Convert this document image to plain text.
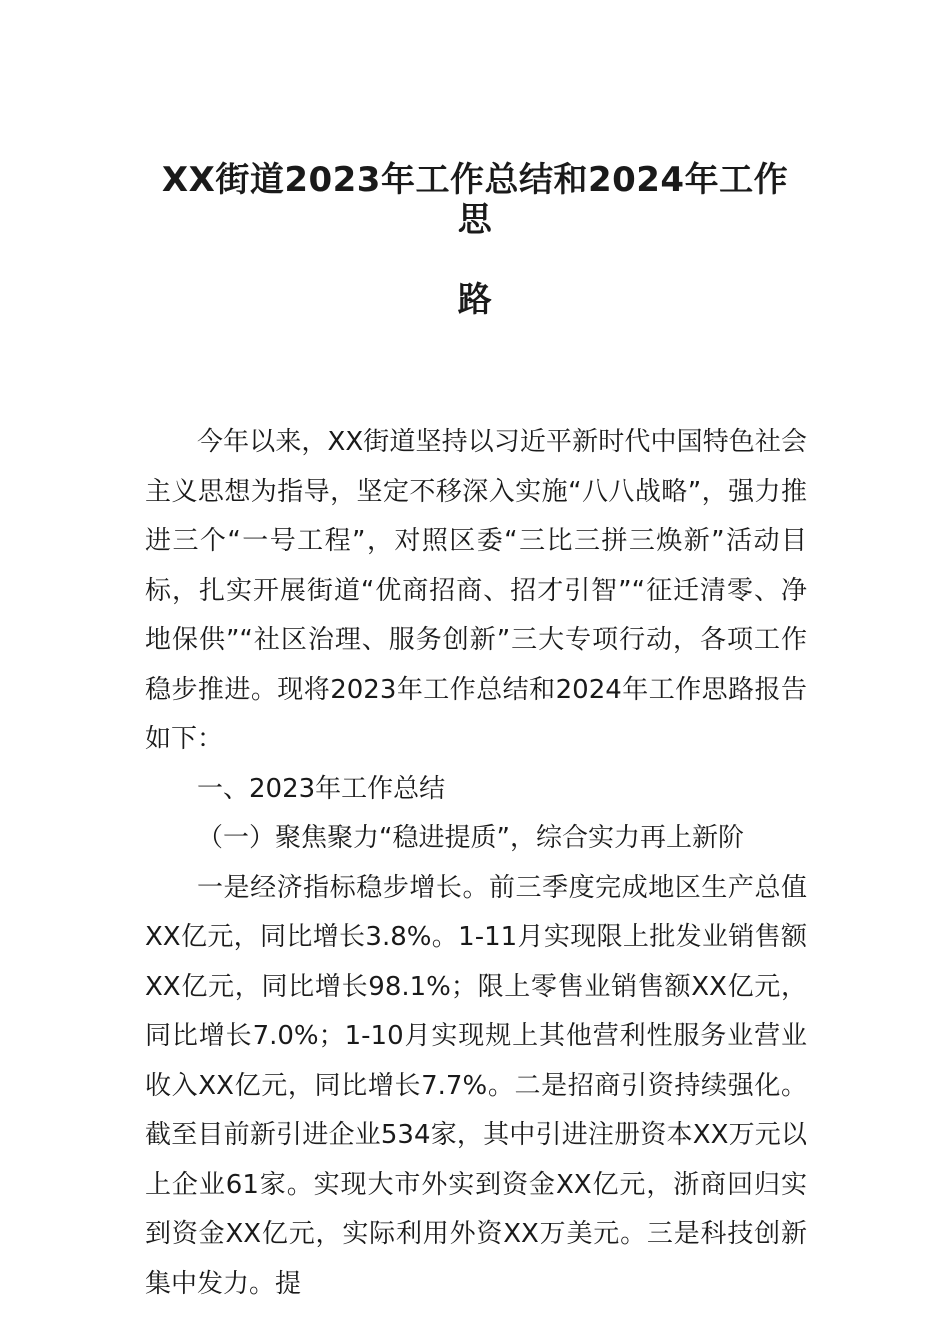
XX街道2023年工作总结和2024年工作思
路

今年以来，XX街道坚持以习近平新时代中国特色社会主义思想为指导，坚定不移深入实施“八八战略”，强力推进三个“一号工程”，对照区委“三比三拼三焕新”活动目标，扎实开展街道“优商招商、招才引智”“征迁清零、净地保供”“社区治理、服务创新”三大专项行动，各项工作稳步推进。现将2023年工作总结和2024年工作思路报告如下：

一、2023年工作总结

（一）聚焦聚力“稳进提质”，综合实力再上新阶

一是经济指标稳步增长。前三季度完成地区生产总值XX亿元，同比增长3.8%。1-11月实现限上批发业销售额XX亿元，同比增长98.1%；限上零售业销售额XX亿元，同比增长7.0%；1-10月实现规上其他营利性服务业营业收入XX亿元，同比增长7.7%。二是招商引资持续强化。截至目前新引进企业534家，其中引进注册资本XX万元以上企业61家。实现大市外实到资金XX亿元，浙商回归实到资金XX亿元，实际利用外资XX万美元。三是科技创新集中发力。提
